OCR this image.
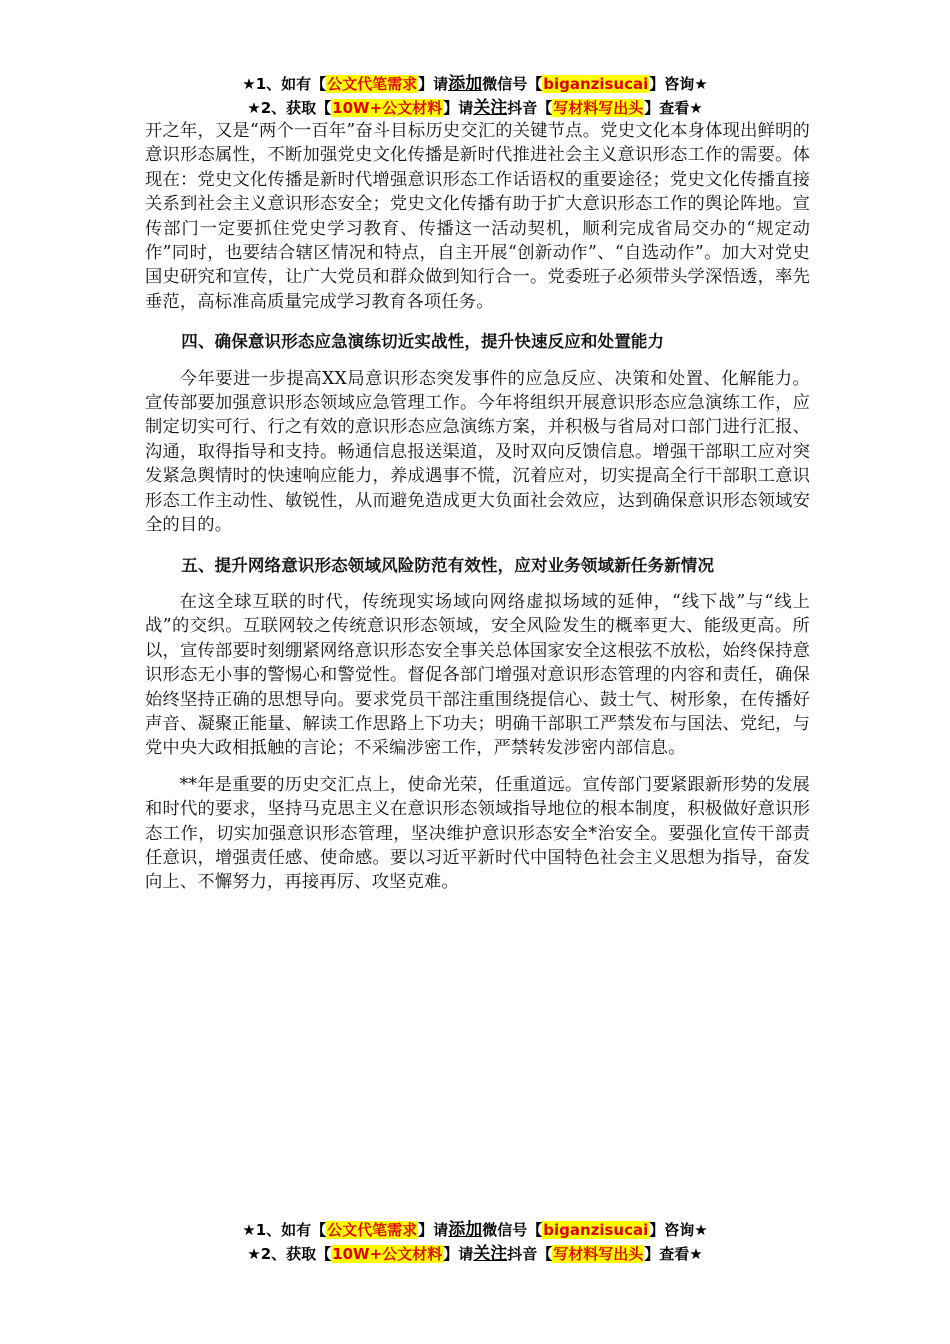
★1、如有【公文代笔需求】请添加微信号【biganzisucai】咨询★
★2、获取【10W+公文材料】请关注抖音【写材料写出头】查看★

开之年，又是“两个一百年”奋斗目标历史交汇的关键节点。党史文化本身体现出鲜明的意识形态属性，不断加强党史文化传播是新时代推进社会主义意识形态工作的需要。体现在：党史文化传播是新时代增强意识形态工作话语权的重要途径；党史文化传播直接关系到社会主义意识形态安全；党史文化传播有助于扩大意识形态工作的舆论阵地。宣传部门一定要抓住党史学习教育、传播这一活动契机，顺利完成省局交办的“规定动作”同时，也要结合辖区情况和特点，自主开展“创新动作”、“自选动作”。加大对党史国史研究和宣传，让广大党员和群众做到知行合一。党委班子必须带头学深悟透，率先垂范，高标准高质量完成学习教育各项任务。

四、确保意识形态应急演练切近实战性，提升快速反应和处置能力

今年要进一步提高XX局意识形态突发事件的应急反应、决策和处置、化解能力。宣传部要加强意识形态领域应急管理工作。今年将组织开展意识形态应急演练工作，应制定切实可行、行之有效的意识形态应急演练方案，并积极与省局对口部门进行汇报、沟通，取得指导和支持。畅通信息报送渠道，及时双向反馈信息。增强干部职工应对突发紧急舆情时的快速响应能力，养成遇事不慌，沉着应对，切实提高全行干部职工意识形态工作主动性、敏锐性，从而避免造成更大负面社会效应，达到确保意识形态领域安全的目的。

五、提升网络意识形态领域风险防范有效性，应对业务领域新任务新情况

在这全球互联的时代，传统现实场域向网络虚拟场域的延伸，“线下战”与“线上战”的交织。互联网较之传统意识形态领域，安全风险发生的概率更大、能级更高。所以，宣传部要时刻绷紧网络意识形态安全事关总体国家安全这根弦不放松，始终保持意识形态无小事的警惕心和警觉性。督促各部门增强对意识形态管理的内容和责任，确保始终坚持正确的思想导向。要求党员干部注重围绕提信心、鼓士气、树形象，在传播好声音、凝聚正能量、解读工作思路上下功夫；明确干部职工严禁发布与国法、党纪，与党中央大政相抵触的言论；不采编涉密工作，严禁转发涉密内部信息。

**年是重要的历史交汇点上，使命光荣，任重道远。宣传部门要紧跟新形势的发展和时代的要求，坚持马克思主义在意识形态领域指导地位的根本制度，积极做好意识形态工作，切实加强意识形态管理，坚决维护意识形态安全*治安全。要强化宣传干部责任意识，增强责任感、使命感。要以习近平新时代中国特色社会主义思想为指导，奋发向上、不懈努力，再接再厉、攻坚克难。

★1、如有【公文代笔需求】请添加微信号【biganzisucai】咨询★
★2、获取【10W+公文材料】请关注抖音【写材料写出头】查看★
